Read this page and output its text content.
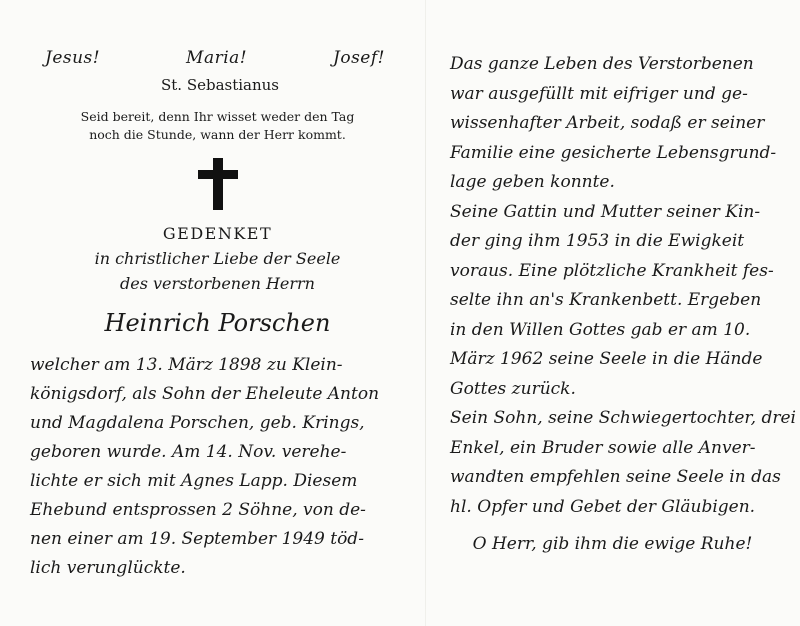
Jesus!	Maria!	Josef!
St. Sebastianus
Seid bereit, denn Ihr wisset weder den Tag
noch die Stunde, wann der Herr kommt.
GEDENKET
in christlicher Liebe der Seele
des verstorbenen Herrn
Heinrich Porschen
welcher am 13. März 1898 zu Klein-
königsdorf, als Sohn der Eheleute Anton
und Magdalena Porschen, geb. Krings,
geboren wurde. Am 14. Nov. verehe-
lichte er sich mit Agnes Lapp. Diesem
Ehebund entsprossen 2 Söhne, von de-
nen einer am 19. September 1949 töd-
lich verunglückte.

Das ganze Leben des Verstorbenen
war ausgefüllt mit eifriger und ge-
wissenhafter Arbeit, sodaß er seiner
Familie eine gesicherte Lebensgrund-
lage geben konnte.

Seine Gattin und Mutter seiner Kin-
der ging ihm 1953 in die Ewigkeit
voraus. Eine plötzliche Krankheit fes-
selte ihn an's Krankenbett. Ergeben
in den Willen Gottes gab er am 10.
März 1962 seine Seele in die Hände
Gottes zurück.

Sein Sohn, seine Schwiegertochter, drei
Enkel, ein Bruder sowie alle Anver-
wandten empfehlen seine Seele in das
hl. Opfer und Gebet der Gläubigen.

O Herr, gib ihm die ewige Ruhe!
